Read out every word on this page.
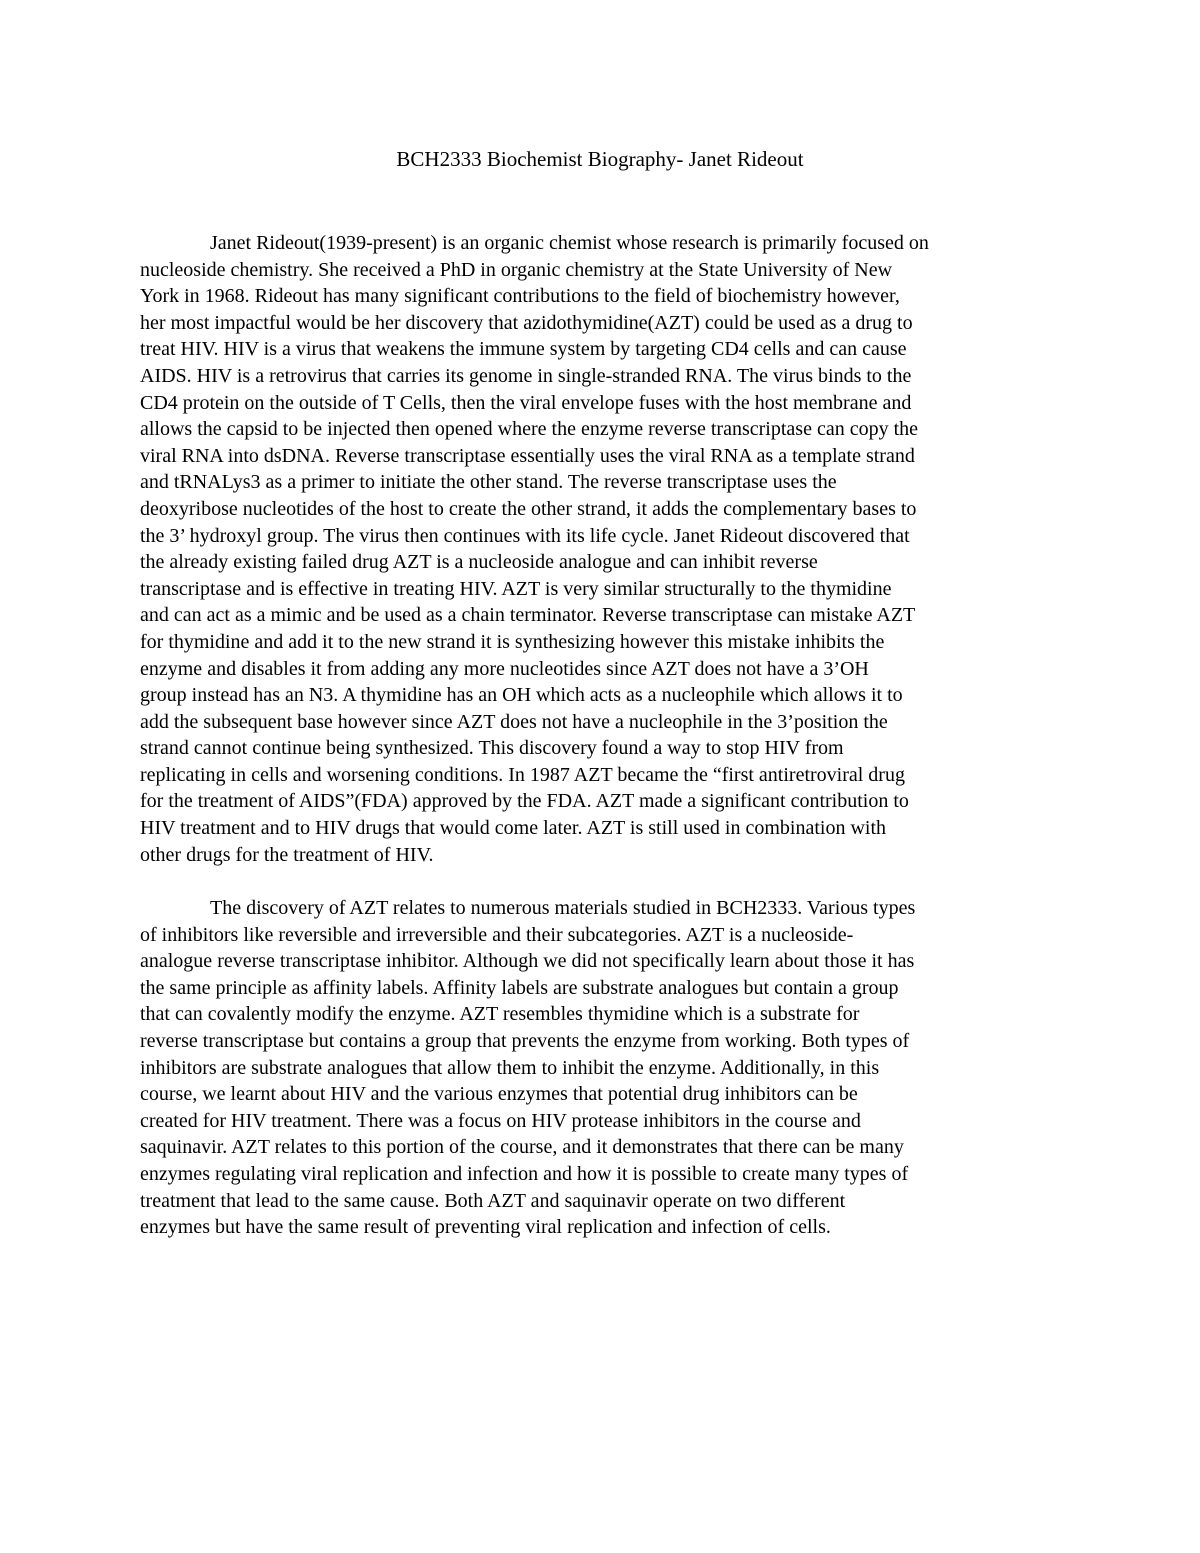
BCH2333 Biochemist Biography- Janet Rideout
Janet Rideout(1939-present) is an organic chemist whose research is primarily focused on
nucleoside chemistry. She received a PhD in organic chemistry at the State University of New
York in 1968. Rideout has many significant contributions to the field of biochemistry however,
her most impactful would be her discovery that azidothymidine(AZT) could be used as a drug to
treat HIV. HIV is a virus that weakens the immune system by targeting CD4 cells and can cause
AIDS. HIV is a retrovirus that carries its genome in single-stranded RNA. The virus binds to the
CD4 protein on the outside of T Cells, then the viral envelope fuses with the host membrane and
allows the capsid to be injected then opened where the enzyme reverse transcriptase can copy the
viral RNA into dsDNA. Reverse transcriptase essentially uses the viral RNA as a template strand
and tRNALys3 as a primer to initiate the other stand. The reverse transcriptase uses the
deoxyribose nucleotides of the host to create the other strand, it adds the complementary bases to
the 3’ hydroxyl group. The virus then continues with its life cycle. Janet Rideout discovered that
the already existing failed drug AZT is a nucleoside analogue and can inhibit reverse
transcriptase and is effective in treating HIV. AZT is very similar structurally to the thymidine
and can act as a mimic and be used as a chain terminator. Reverse transcriptase can mistake AZT
for thymidine and add it to the new strand it is synthesizing however this mistake inhibits the
enzyme and disables it from adding any more nucleotides since AZT does not have a 3’OH
group instead has an N3. A thymidine has an OH which acts as a nucleophile which allows it to
add the subsequent base however since AZT does not have a nucleophile in the 3’position the
strand cannot continue being synthesized. This discovery found a way to stop HIV from
replicating in cells and worsening conditions. In 1987 AZT became the “first antiretroviral drug
for the treatment of AIDS”(FDA) approved by the FDA. AZT made a significant contribution to
HIV treatment and to HIV drugs that would come later. AZT is still used in combination with
other drugs for the treatment of HIV.
The discovery of AZT relates to numerous materials studied in BCH2333. Various types
of inhibitors like reversible and irreversible and their subcategories. AZT is a nucleoside-
analogue reverse transcriptase inhibitor. Although we did not specifically learn about those it has
the same principle as affinity labels. Affinity labels are substrate analogues but contain a group
that can covalently modify the enzyme. AZT resembles thymidine which is a substrate for
reverse transcriptase but contains a group that prevents the enzyme from working. Both types of
inhibitors are substrate analogues that allow them to inhibit the enzyme. Additionally, in this
course, we learnt about HIV and the various enzymes that potential drug inhibitors can be
created for HIV treatment. There was a focus on HIV protease inhibitors in the course and
saquinavir. AZT relates to this portion of the course, and it demonstrates that there can be many
enzymes regulating viral replication and infection and how it is possible to create many types of
treatment that lead to the same cause. Both AZT and saquinavir operate on two different
enzymes but have the same result of preventing viral replication and infection of cells.
